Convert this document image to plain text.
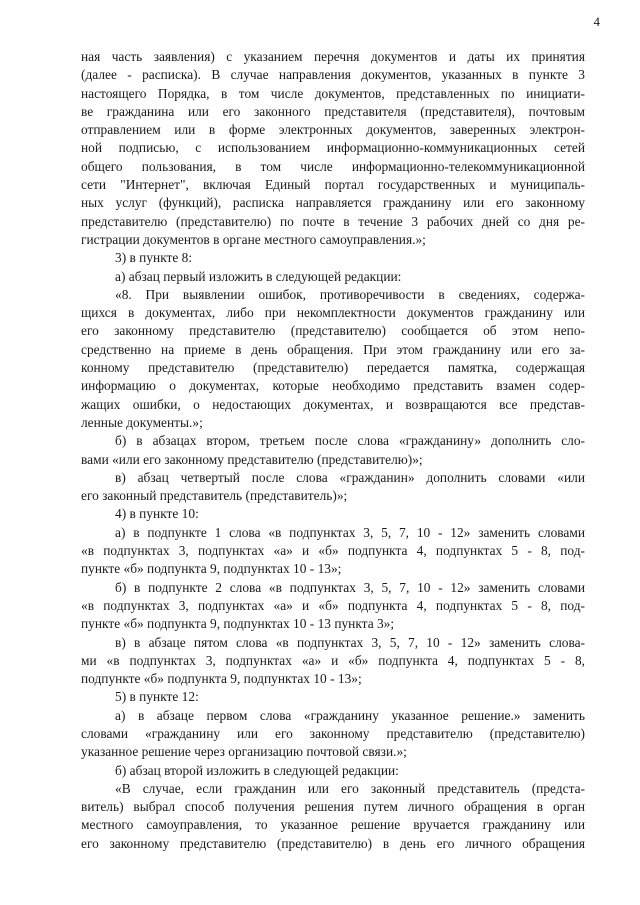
4
ная часть заявления) с указанием перечня документов и даты их принятия
(далее - расписка). В случае направления документов, указанных в пункте 3
настоящего Порядка, в том числе документов, представленных по инициати-
ве гражданина или его законного представителя (представителя), почтовым
отправлением или в форме электронных документов, заверенных электрон-
ной подписью, с использованием информационно-коммуникационных сетей
общего пользования, в том числе информационно-телекоммуникационной
сети "Интернет", включая Единый портал государственных и муниципаль-
ных услуг (функций), расписка направляется гражданину или его законному
представителю (представителю) по почте в течение 3 рабочих дней со дня ре-
гистрации документов в органе местного самоуправления.»;
3) в пункте 8:
а) абзац первый изложить в следующей редакции:
«8. При выявлении ошибок, противоречивости в сведениях, содержа-
щихся в документах, либо при некомплектности документов гражданину или
его законному представителю (представителю) сообщается об этом непо-
средственно на приеме в день обращения. При этом гражданину или его за-
конному представителю (представителю) передается памятка, содержащая
информацию о документах, которые необходимо представить взамен содер-
жащих ошибки, о недостающих документах, и возвращаются все представ-
ленные документы.»;
б) в абзацах втором, третьем после слова «гражданину» дополнить сло-
вами «или его законному представителю (представителю)»;
в) абзац четвертый после слова «гражданин» дополнить словами «или
его законный представитель (представитель)»;
4) в пункте 10:
а) в подпункте 1 слова «в подпунктах 3, 5, 7, 10 - 12» заменить словами
«в подпунктах 3, подпунктах «а» и «б» подпункта 4, подпунктах 5 - 8, под-
пункте «б» подпункта 9, подпунктах 10 - 13»;
б) в подпункте 2 слова «в подпунктах 3, 5, 7, 10 - 12» заменить словами
«в подпунктах 3, подпунктах «а» и «б» подпункта 4, подпунктах 5 - 8, под-
пункте «б» подпункта 9, подпунктах 10 - 13 пункта 3»;
в) в абзаце пятом слова «в подпунктах 3, 5, 7, 10 - 12» заменить слова-
ми «в подпунктах 3, подпунктах «а» и «б» подпункта 4, подпунктах 5 - 8,
подпункте «б» подпункта 9, подпунктах 10 - 13»;
5) в пункте 12:
а) в абзаце первом слова «гражданину указанное решение.» заменить
словами «гражданину или его законному представителю (представителю)
указанное решение через организацию почтовой связи.»;
б) абзац второй изложить в следующей редакции:
«В случае, если гражданин или его законный представитель (предста-
витель) выбрал способ получения решения путем личного обращения в орган
местного самоуправления, то указанное решение вручается гражданину или
его законному представителю (представителю) в день его личного обращения
